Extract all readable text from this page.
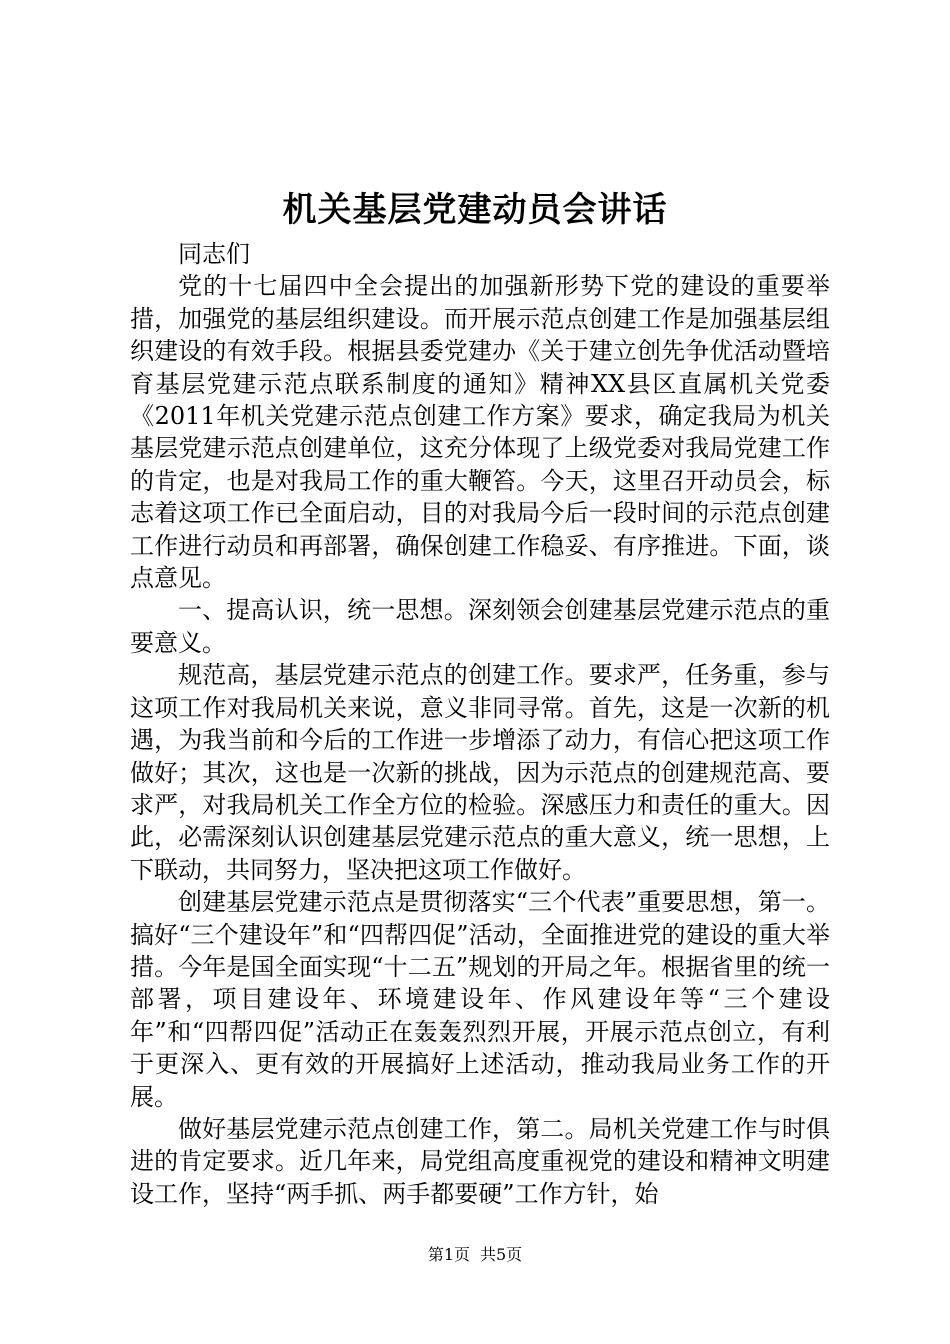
机关基层党建动员会讲话

同志们

党的十七届四中全会提出的加强新形势下党的建设的重要举措，加强党的基层组织建设。而开展示范点创建工作是加强基层组织建设的有效手段。根据县委党建办《关于建立创先争优活动暨培育基层党建示范点联系制度的通知》精神XX县区直属机关党委《2011年机关党建示范点创建工作方案》要求，确定我局为机关基层党建示范点创建单位，这充分体现了上级党委对我局党建工作的肯定，也是对我局工作的重大鞭笞。今天，这里召开动员会，标志着这项工作已全面启动，目的对我局今后一段时间的示范点创建工作进行动员和再部署，确保创建工作稳妥、有序推进。下面，谈点意见。

一、提高认识，统一思想。深刻领会创建基层党建示范点的重要意义。

规范高，基层党建示范点的创建工作。要求严，任务重，参与这项工作对我局机关来说，意义非同寻常。首先，这是一次新的机遇，为我当前和今后的工作进一步增添了动力，有信心把这项工作做好；其次，这也是一次新的挑战，因为示范点的创建规范高、要求严，对我局机关工作全方位的检验。深感压力和责任的重大。因此，必需深刻认识创建基层党建示范点的重大意义，统一思想，上下联动，共同努力，坚决把这项工作做好。

创建基层党建示范点是贯彻落实“三个代表”重要思想，第一。搞好“三个建设年”和“四帮四促”活动，全面推进党的建设的重大举措。今年是国全面实现“十二五”规划的开局之年。根据省里的统一部署，项目建设年、环境建设年、作风建设年等“三个建设年”和“四帮四促”活动正在轰轰烈烈开展，开展示范点创立，有利于更深入、更有效的开展搞好上述活动，推动我局业务工作的开展。

做好基层党建示范点创建工作，第二。局机关党建工作与时俱进的肯定要求。近几年来，局党组高度重视党的建设和精神文明建设工作，坚持“两手抓、两手都要硬”工作方针，始

第1页 共5页
